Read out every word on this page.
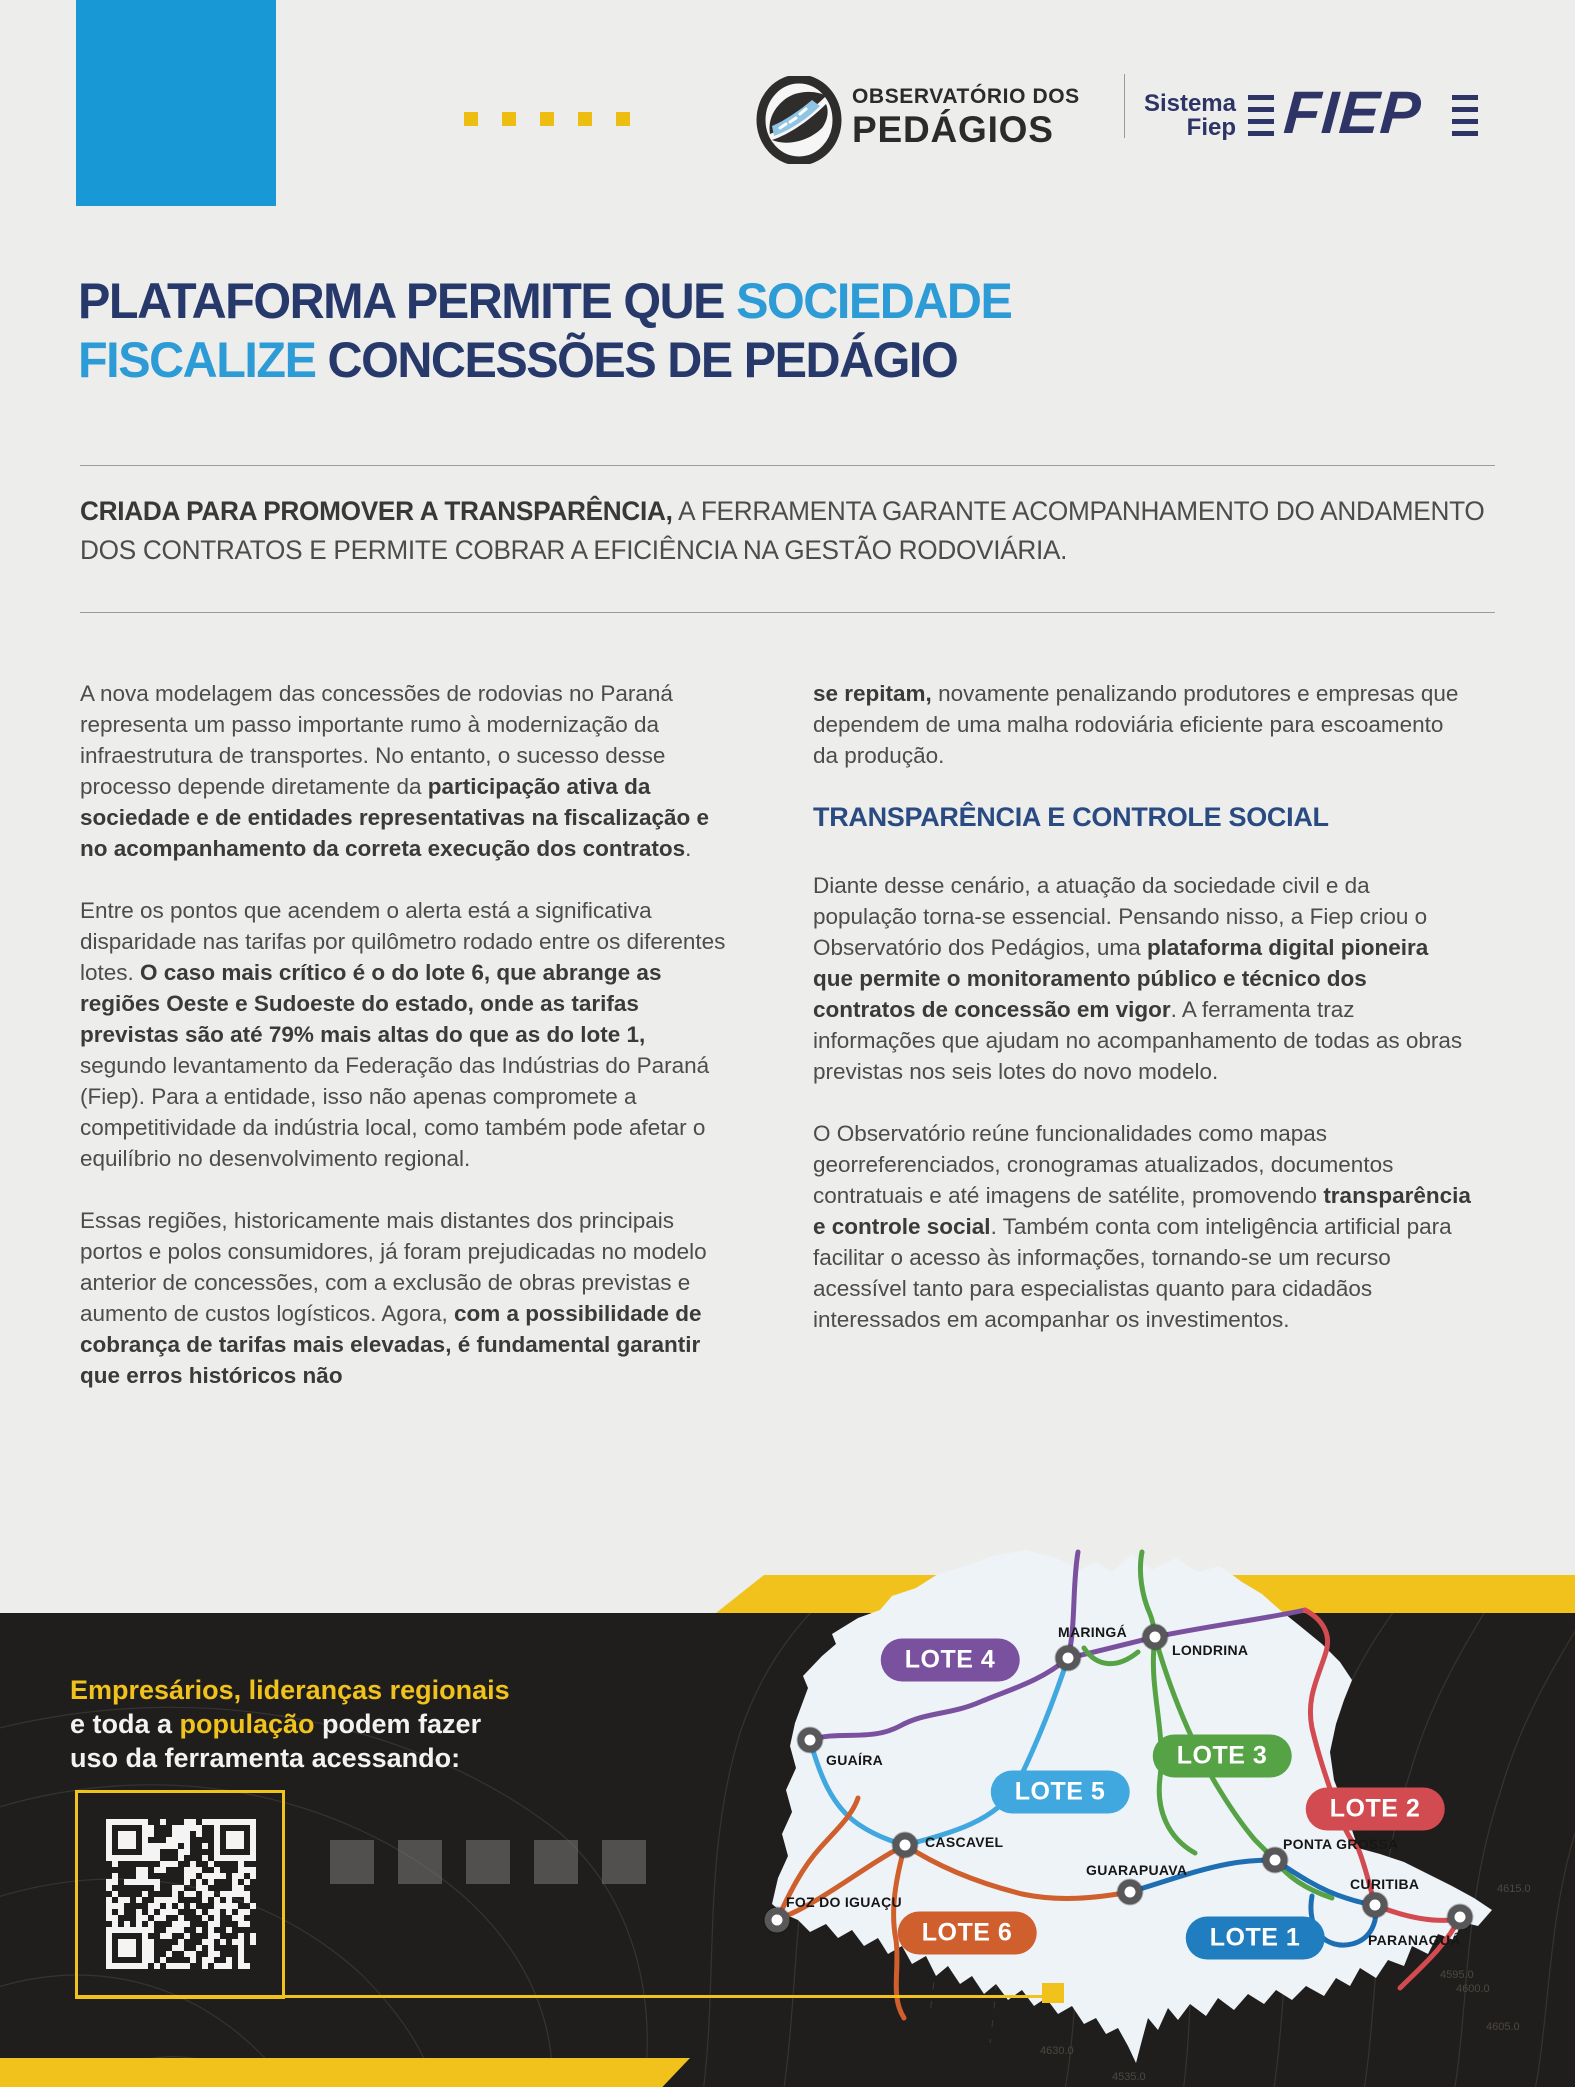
OBSERVATÓRIO DOS
PEDÁGIOS
Sistema
Fiep FIEP
PLATAFORMA PERMITE QUE SOCIEDADE
FISCALIZE CONCESSÕES DE PEDÁGIO

CRIADA PARA PROMOVER A TRANSPARÊNCIA, A FERRAMENTA GARANTE ACOMPANHAMENTO DO ANDAMENTO DOS CONTRATOS E PERMITE COBRAR A EFICIÊNCIA NA GESTÃO RODOVIÁRIA.

A nova modelagem das concessões de rodovias no Paraná representa um passo importante rumo à modernização da infraestrutura de transportes. No entanto, o sucesso desse processo depende diretamente da participação ativa da sociedade e de entidades representativas na fiscalização e no acompanhamento da correta execução dos contratos.

Entre os pontos que acendem o alerta está a significativa disparidade nas tarifas por quilômetro rodado entre os diferentes lotes. O caso mais crítico é o do lote 6, que abrange as regiões Oeste e Sudoeste do estado, onde as tarifas previstas são até 79% mais altas do que as do lote 1, segundo levantamento da Federação das Indústrias do Paraná (Fiep). Para a entidade, isso não apenas compromete a competitividade da indústria local, como também pode afetar o equilíbrio no desenvolvimento regional.

Essas regiões, historicamente mais distantes dos principais portos e polos consumidores, já foram prejudicadas no modelo anterior de concessões, com a exclusão de obras previstas e aumento de custos logísticos. Agora, com a possibilidade de cobrança de tarifas mais elevadas, é fundamental garantir que erros históricos não

se repitam, novamente penalizando produtores e empresas que dependem de uma malha rodoviária eficiente para escoamento da produção.

TRANSPARÊNCIA E CONTROLE SOCIAL

Diante desse cenário, a atuação da sociedade civil e da população torna-se essencial. Pensando nisso, a Fiep criou o Observatório dos Pedágios, uma plataforma digital pioneira que permite o monitoramento público e técnico dos contratos de concessão em vigor. A ferramenta traz informações que ajudam no acompanhamento de todas as obras previstas nos seis lotes do novo modelo.

O Observatório reúne funcionalidades como mapas georreferenciados, cronogramas atualizados, documentos contratuais e até imagens de satélite, promovendo transparência e controle social. Também conta com inteligência artificial para facilitar o acesso às informações, tornando-se um recurso acessível tanto para especialistas quanto para cidadãos interessados em acompanhar os investimentos.

Empresários, lideranças regionais

e toda a população podem fazer

uso da ferramenta acessando:

4615.0
4595.0
4600.0
4605.0
4630.0
4535.0
LOTE 4
LOTE 3
LOTE 5
LOTE 2
LOTE 6	LOTE 1
MARINGÁ
LONDRINA
GUAÍRA
CASCAVEL
FOZ DO IGUAÇU
GUARAPUAVA
PONTA GROSSA
CURITIBA
PARANAGUÁ
